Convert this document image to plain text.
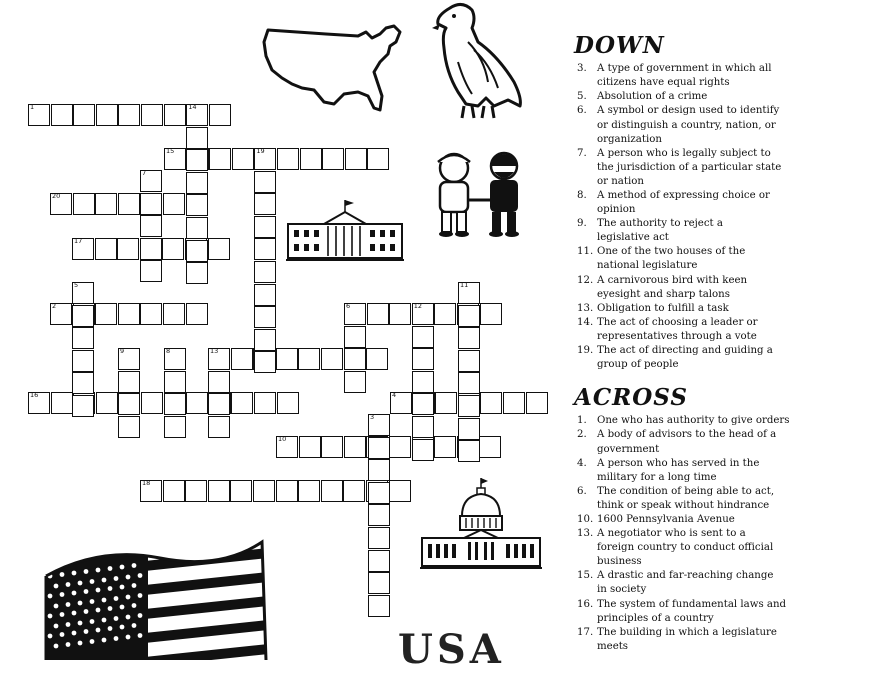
1	14
15	19
20
17
2	6	12
13
16	4
10
18
7
5
9	8
11
3
USA
DOWN
3. A type of government in which all
citizens have equal rights
5. Absolution of a crime
6. A symbol or design used to identify
or distinguish a country, nation, or
organization
7. A person who is legally subject to
the jurisdiction of a particular state
or nation
8. A method of expressing choice or
opinion
9. The authority to reject a
legislative act
11. One of the two houses of the
national legislature
12. A carnivorous bird with keen
eyesight and sharp talons
13. Obligation to fulfill a task
14. The act of choosing a leader or
representatives through a vote
19. The act of directing and guiding a
group of people
ACROSS
1. One who has authority to give orders
2. A body of advisors to the head of a
government
4. A person who has served in the
military for a long time
6. The condition of being able to act,
think or speak without hindrance
10. 1600 Pennsylvania Avenue
13. A negotiator who is sent to a
foreign country to conduct official
business
15. A drastic and far-reaching change
in society
16. The system of fundamental laws and
principles of a country
17. The building in which a legislature
meets
